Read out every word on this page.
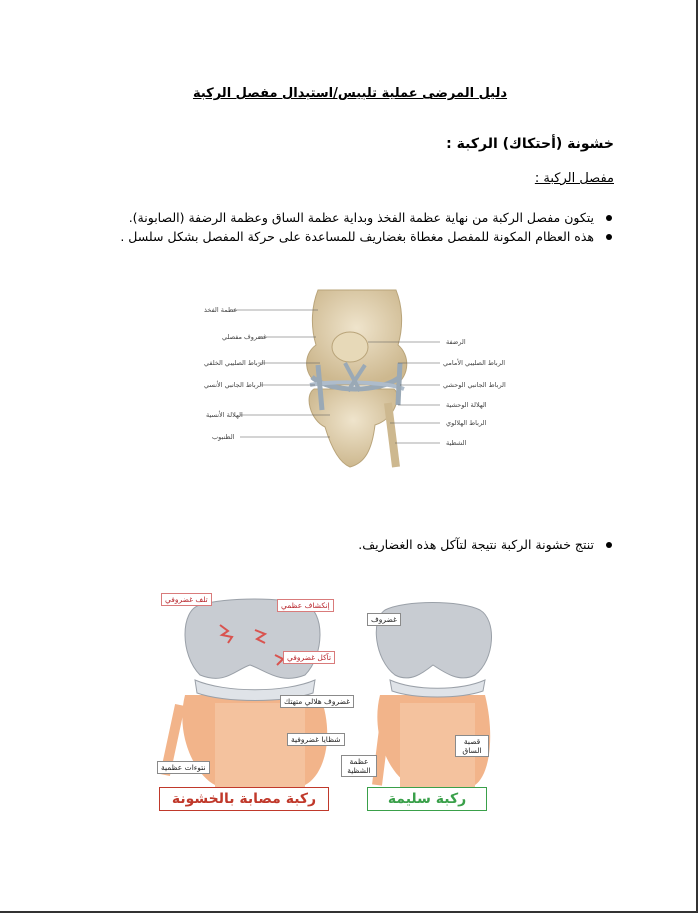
دليل المرضى عملية تلبيس/استبدال مفصل الركبة
خشونة (أحتكاك) الركبة :
مفصل الركبة :
يتكون مفصل الركبة من نهاية عظمة الفخذ وبداية عظمة الساق وعظمة الرضفة (الصابونة).
هذه العظام المكونة للمفصل مغطاة بغضاريف للمساعدة على حركة المفصل بشكل سلسل .
عظمة الفخذ
غضروف مفصلي
الرباط الصليبي الخلفي
الرباط الجانبي الأنسي
الهلالة الأنسية
الظنبوب
الرضفة
الرباط الصليبي الأمامي
الرباط الجانبي الوحشي
الهلالة الوحشية
الرباط الهلالوي
الشظية
تنتج خشونة الركبة نتيجة لتآكل هذه الغضاريف.
تلف غضروفي
إنكشاف عظمي
تآكل غضروفي
غضروف هلالي متهتك
شظايا غضروفية
نتوءات عظمية
غضروف
قصبة الساق
عظمة الشظية
ركبة مصابة بالخشونة	ركبة سليمة
